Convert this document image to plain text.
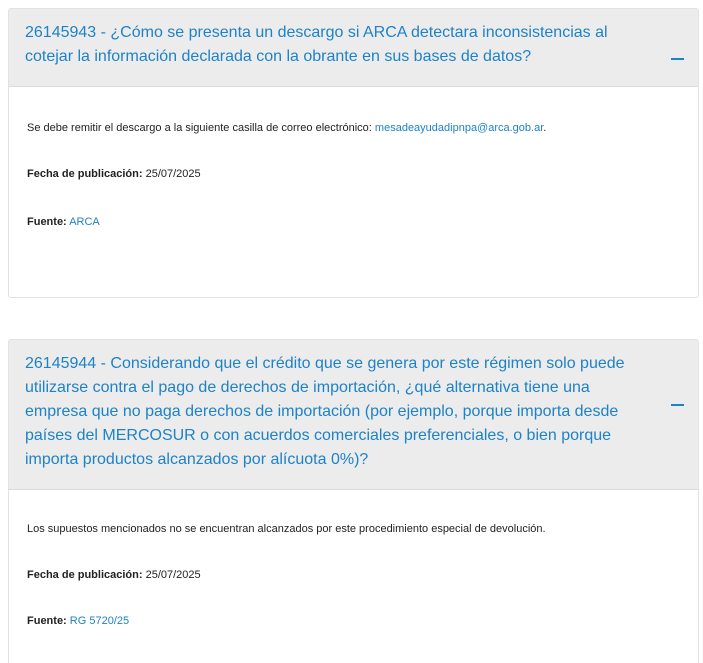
26145943 - ¿Cómo se presenta un descargo si ARCA detectara inconsistencias al cotejar la información declarada con la obrante en sus bases de datos?

Se debe remitir el descargo a la siguiente casilla de correo electrónico: mesadeayudadipnpa@arca.gob.ar.

Fecha de publicación: 25/07/2025

Fuente: ARCA

26145944 - Considerando que el crédito que se genera por este régimen solo puede utilizarse contra el pago de derechos de importación, ¿qué alternativa tiene una empresa que no paga derechos de importación (por ejemplo, porque importa desde países del MERCOSUR o con acuerdos comerciales preferenciales, o bien porque importa productos alcanzados por alícuota 0%)?

Los supuestos mencionados no se encuentran alcanzados por este procedimiento especial de devolución.

Fecha de publicación: 25/07/2025

Fuente: RG 5720/25
